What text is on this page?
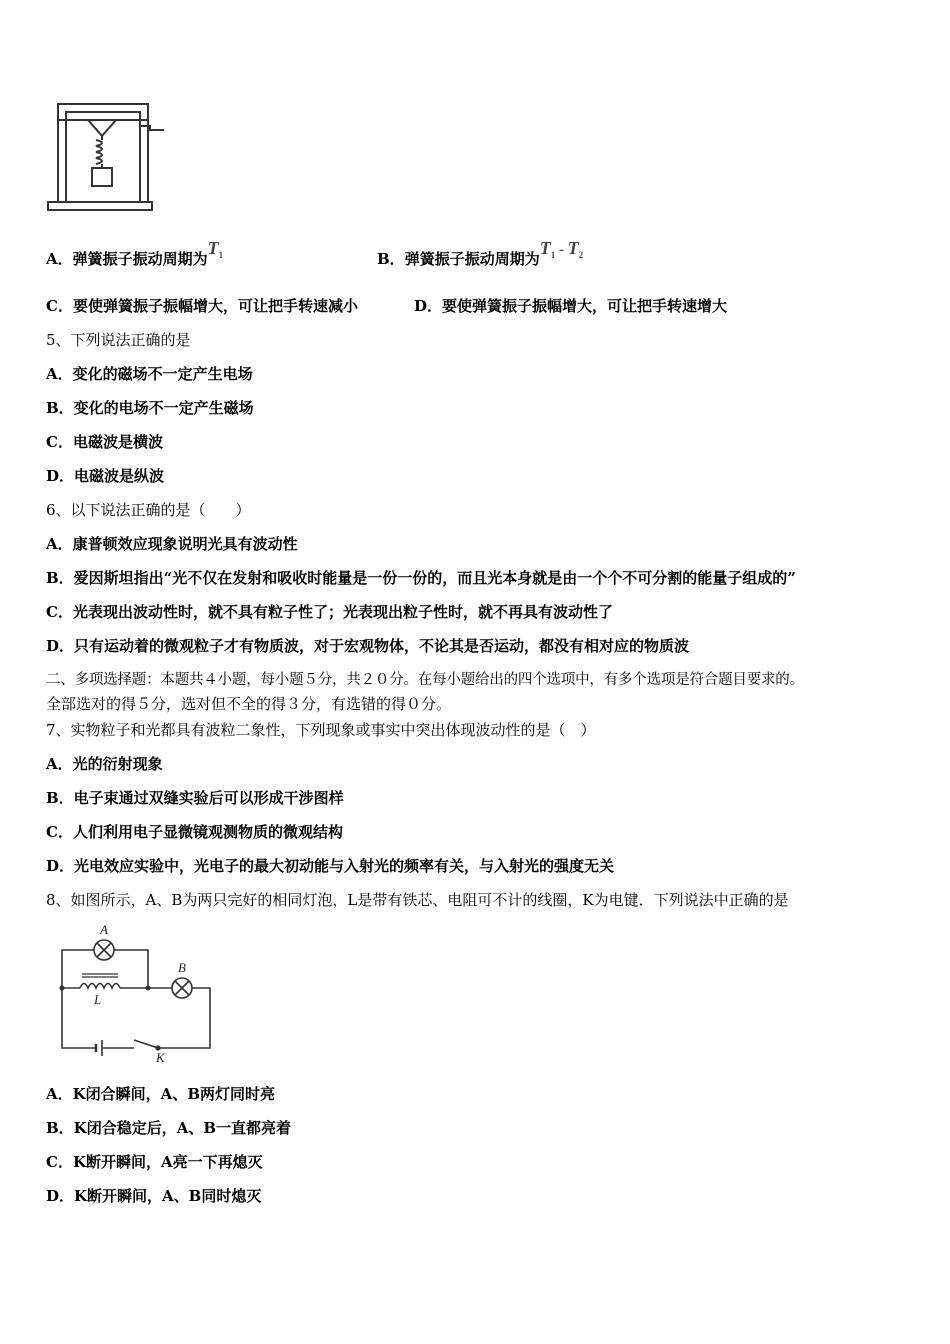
A．弹簧振子振动周期为$T_1$	B．弹簧振子振动周期为$T_1 - T_2$
C．要使弹簧振子振幅增大，可让把手转速减小	D．要使弹簧振子振幅增大，可让把手转速增大
5、下列说法正确的是
A．变化的磁场不一定产生电场
B．变化的电场不一定产生磁场
C．电磁波是横波
D．电磁波是纵波
6、以下说法正确的是（　　）
A．康普顿效应现象说明光具有波动性
B．爱因斯坦指出“光不仅在发射和吸收时能量是一份一份的，而且光本身就是由一个个不可分割的能量子组成的”
C．光表现出波动性时，就不具有粒子性了；光表现出粒子性时，就不再具有波动性了
D．只有运动着的微观粒子才有物质波，对于宏观物体，不论其是否运动，都没有相对应的物质波
二、多项选择题：本题共４小题，每小题５分，共２０分。在每小题给出的四个选项中，有多个选项是符合题目要求的。
全部选对的得５分，选对但不全的得３分，有选错的得０分。
7、实物粒子和光都具有波粒二象性，下列现象或事实中突出体现波动性的是（　）
A．光的衍射现象
B．电子束通过双缝实验后可以形成干涉图样
C．人们利用电子显微镜观测物质的微观结构
D．光电效应实验中，光电子的最大初动能与入射光的频率有关，与入射光的强度无关
8、如图所示，A、B为两只完好的相同灯泡，L是带有铁芯、电阻可不计的线圈，K为电键．下列说法中正确的是
A
B
L
K
A．K闭合瞬间，A、B两灯同时亮
B．K闭合稳定后，A、B一直都亮着
C．K断开瞬间，A亮一下再熄灭
D．K断开瞬间，A、B同时熄灭
